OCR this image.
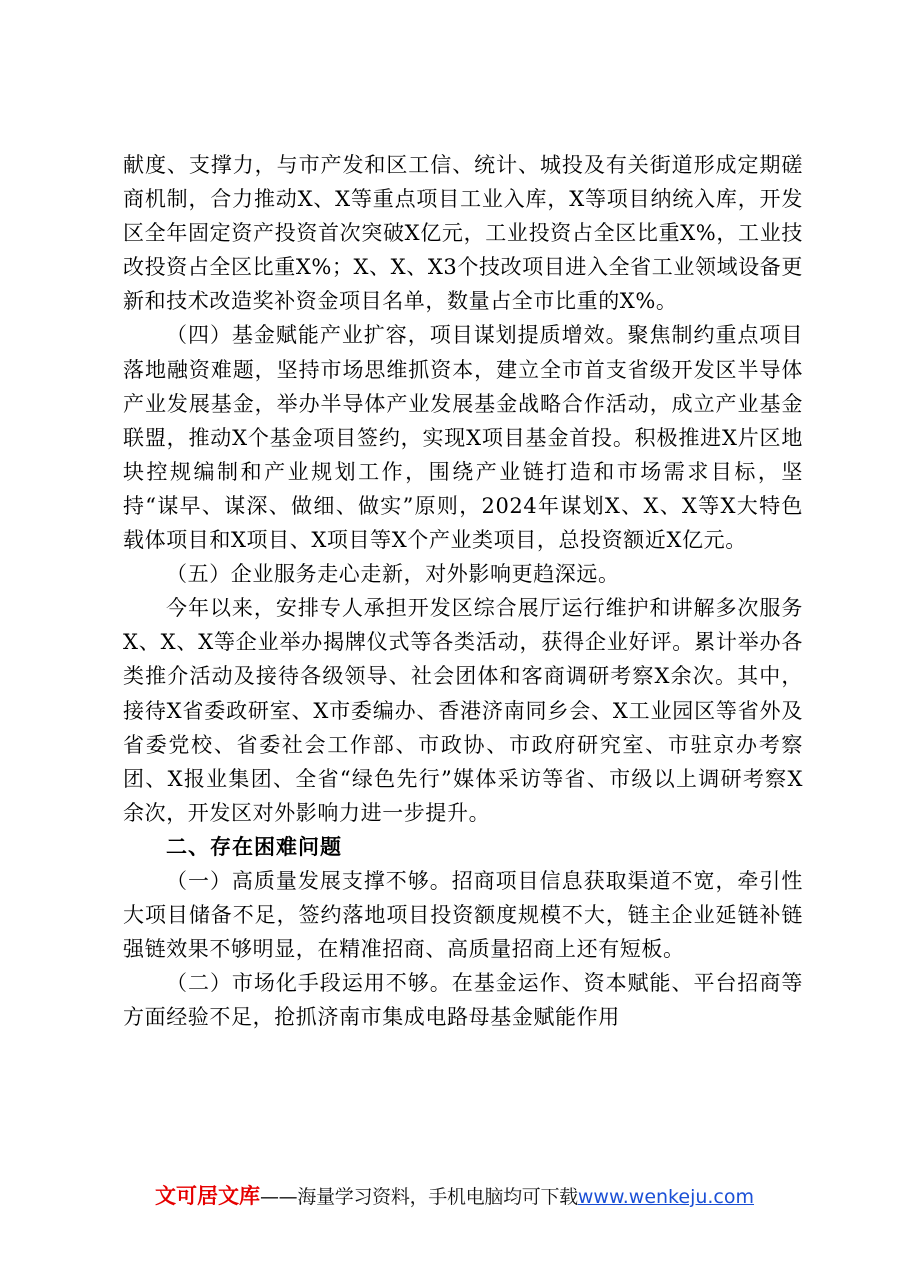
献度、支撑力，与市产发和区工信、统计、城投及有关街道形成定期磋商机制，合力推动X、X等重点项目工业入库，X等项目纳统入库，开发区全年固定资产投资首次突破X亿元，工业投资占全区比重X%，工业技改投资占全区比重X%；X、X、X3个技改项目进入全省工业领域设备更新和技术改造奖补资金项目名单，数量占全市比重的X%。

（四）基金赋能产业扩容，项目谋划提质增效。聚焦制约重点项目落地融资难题，坚持市场思维抓资本，建立全市首支省级开发区半导体产业发展基金，举办半导体产业发展基金战略合作活动，成立产业基金联盟，推动X个基金项目签约，实现X项目基金首投。积极推进X片区地块控规编制和产业规划工作，围绕产业链打造和市场需求目标，坚持“谋早、谋深、做细、做实”原则，2024年谋划X、X、X等X大特色载体项目和X项目、X项目等X个产业类项目，总投资额近X亿元。

（五）企业服务走心走新，对外影响更趋深远。

今年以来，安排专人承担开发区综合展厅运行维护和讲解多次服务X、X、X等企业举办揭牌仪式等各类活动，获得企业好评。累计举办各类推介活动及接待各级领导、社会团体和客商调研考察X余次。其中，接待X省委政研室、X市委编办、香港济南同乡会、X工业园区等省外及省委党校、省委社会工作部、市政协、市政府研究室、市驻京办考察团、X报业集团、全省“绿色先行”媒体采访等省、市级以上调研考察X余次，开发区对外影响力进一步提升。

二、存在困难问题

（一）高质量发展支撑不够。招商项目信息获取渠道不宽，牵引性大项目储备不足，签约落地项目投资额度规模不大，链主企业延链补链强链效果不够明显，在精准招商、高质量招商上还有短板。

（二）市场化手段运用不够。在基金运作、资本赋能、平台招商等方面经验不足，抢抓济南市集成电路母基金赋能作用

文可居文库——海量学习资料，手机电脑均可下载www.wenkeju.com
